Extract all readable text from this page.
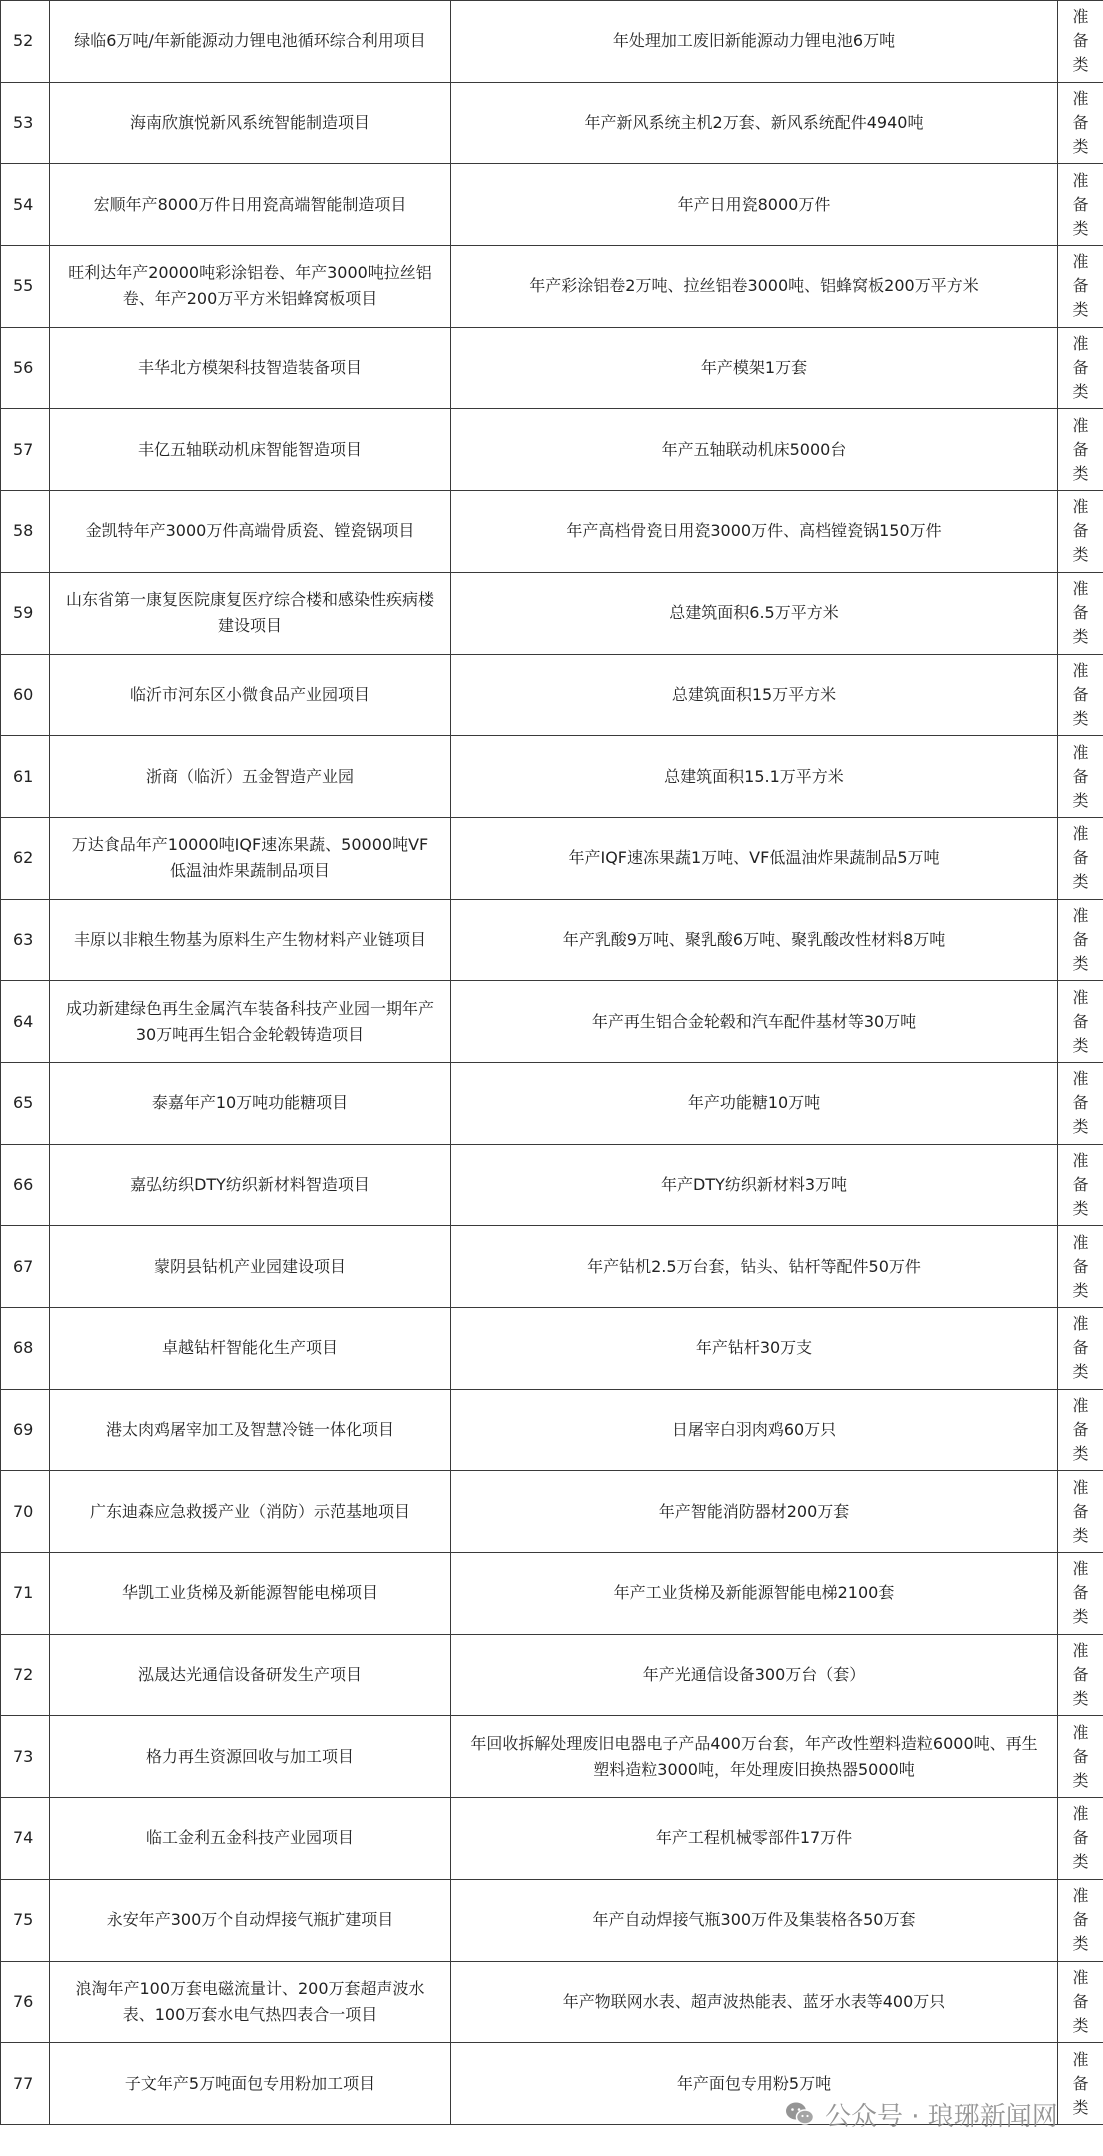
52	绿临6万吨/年新能源动力锂电池循环综合利用项目	年处理加工废旧新能源动力锂电池6万吨	准备类

53	海南欣旗悦新风系统智能制造项目	年产新风系统主机2万套、新风系统配件4940吨	准备类

54	宏顺年产8000万件日用瓷高端智能制造项目	年产日用瓷8000万件	准备类

55	旺利达年产20000吨彩涂铝卷、年产3000吨拉丝铝卷、年产200万平方米铝蜂窝板项目	年产彩涂铝卷2万吨、拉丝铝卷3000吨、铝蜂窝板200万平方米	准备类

56	丰华北方模架科技智造装备项目	年产模架1万套	准备类

57	丰亿五轴联动机床智能智造项目	年产五轴联动机床5000台	准备类

58	金凯特年产3000万件高端骨质瓷、镗瓷锅项目	年产高档骨瓷日用瓷3000万件、高档镗瓷锅150万件	准备类

59	山东省第一康复医院康复医疗综合楼和感染性疾病楼建设项目	总建筑面积6.5万平方米	准备类

60	临沂市河东区小微食品产业园项目	总建筑面积15万平方米	准备类

61	浙商（临沂）五金智造产业园	总建筑面积15.1万平方米	准备类

62	万达食品年产10000吨IQF速冻果蔬、50000吨VF低温油炸果蔬制品项目	年产IQF速冻果蔬1万吨、VF低温油炸果蔬制品5万吨	准备类

63	丰原以非粮生物基为原料生产生物材料产业链项目	年产乳酸9万吨、聚乳酸6万吨、聚乳酸改性材料8万吨	准备类

64	成功新建绿色再生金属汽车装备科技产业园一期年产30万吨再生铝合金轮毂铸造项目	年产再生铝合金轮毂和汽车配件基材等30万吨	准备类

65	泰嘉年产10万吨功能糖项目	年产功能糖10万吨	准备类

66	嘉弘纺织DTY纺织新材料智造项目	年产DTY纺织新材料3万吨	准备类

67	蒙阴县钻机产业园建设项目	年产钻机2.5万台套，钻头、钻杆等配件50万件	准备类

68	卓越钻杆智能化生产项目	年产钻杆30万支	准备类

69	港太肉鸡屠宰加工及智慧冷链一体化项目	日屠宰白羽肉鸡60万只	准备类

70	广东迪森应急救援产业（消防）示范基地项目	年产智能消防器材200万套	准备类

71	华凯工业货梯及新能源智能电梯项目	年产工业货梯及新能源智能电梯2100套	准备类

72	泓晟达光通信设备研发生产项目	年产光通信设备300万台（套）	准备类

73	格力再生资源回收与加工项目	年回收拆解处理废旧电器电子产品400万台套，年产改性塑料造粒6000吨、再生塑料造粒3000吨，年处理废旧换热器5000吨	准备类

74	临工金利五金科技产业园项目	年产工程机械零部件17万件	准备类

75	永安年产300万个自动焊接气瓶扩建项目	年产自动焊接气瓶300万件及集装格各50万套	准备类

76	浪淘年产100万套电磁流量计、200万套超声波水表、100万套水电气热四表合一项目	年产物联网水表、超声波热能表、蓝牙水表等400万只	准备类

77	子文年产5万吨面包专用粉加工项目	年产面包专用粉5万吨	准备类
公众号 · 琅琊新闻网
